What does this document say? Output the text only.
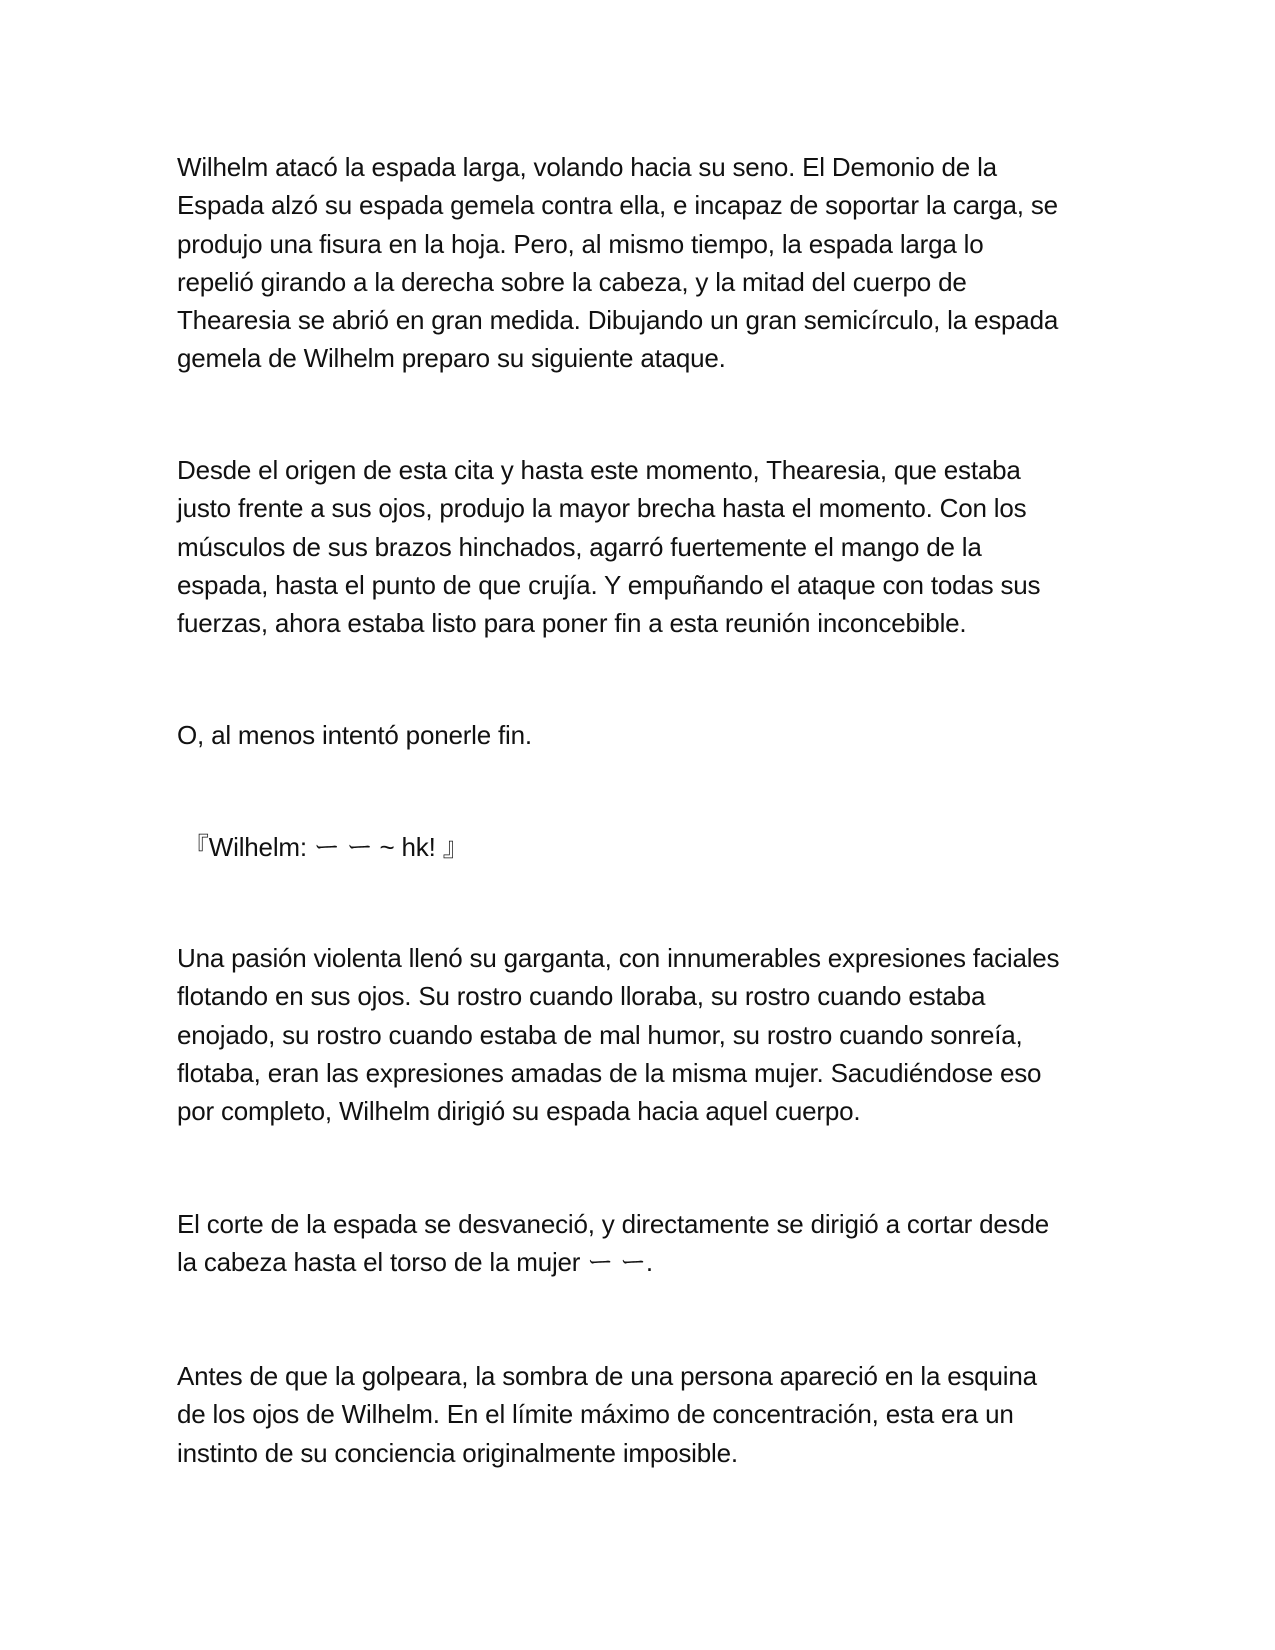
Wilhelm atacó la espada larga, volando hacia su seno. El Demonio de la
Espada alzó su espada gemela contra ella, e incapaz de soportar la carga, se
produjo una fisura en la hoja. Pero, al mismo tiempo, la espada larga lo
repelió girando a la derecha sobre la cabeza, y la mitad del cuerpo de
Thearesia se abrió en gran medida. Dibujando un gran semicírculo, la espada
gemela de Wilhelm preparo su siguiente ataque.

Desde el origen de esta cita y hasta este momento, Thearesia, que estaba
justo frente a sus ojos, produjo la mayor brecha hasta el momento. Con los
músculos de sus brazos hinchados, agarró fuertemente el mango de la
espada, hasta el punto de que crujía. Y empuñando el ataque con todas sus
fuerzas, ahora estaba listo para poner fin a esta reunión inconcebible.

O, al menos intentó ponerle fin.

『Wilhelm: ー ー ~ hk! 』

Una pasión violenta llenó su garganta, con innumerables expresiones faciales
flotando en sus ojos. Su rostro cuando lloraba, su rostro cuando estaba
enojado, su rostro cuando estaba de mal humor, su rostro cuando sonreía,
flotaba, eran las expresiones amadas de la misma mujer. Sacudiéndose eso
por completo, Wilhelm dirigió su espada hacia aquel cuerpo.

El corte de la espada se desvaneció, y directamente se dirigió a cortar desde
la cabeza hasta el torso de la mujer ー ー.

Antes de que la golpeara, la sombra de una persona apareció en la esquina
de los ojos de Wilhelm. En el límite máximo de concentración, esta era un
instinto de su conciencia originalmente imposible.
